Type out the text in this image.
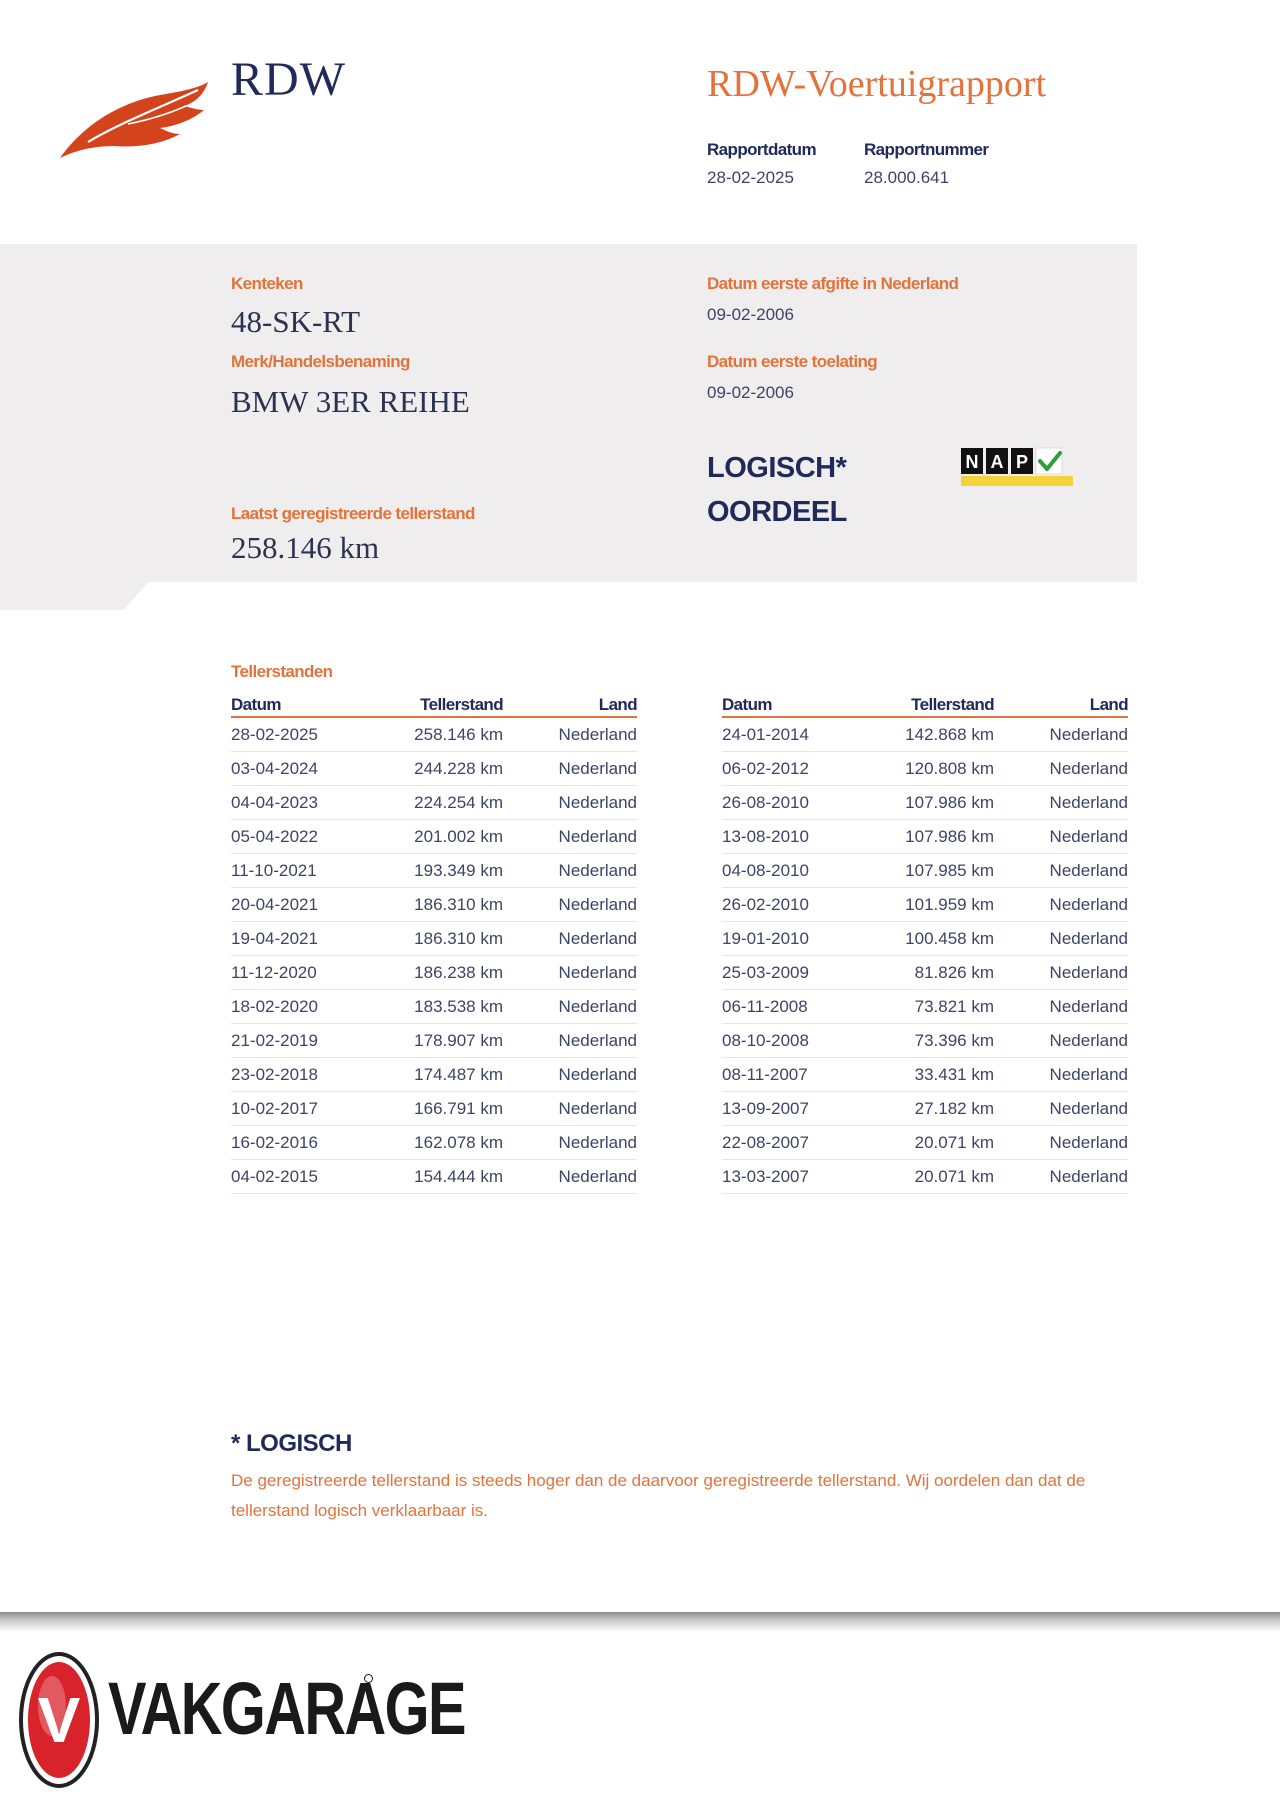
RDW	RDW-Voertuigrapport
Rapportdatum
28-02-2025
Rapportnummer
28.000.641
Kenteken
48-SK-RT
Merk/Handelsbenaming
BMW 3ER REIHE
Datum eerste afgifte in Nederland
09-02-2006
Datum eerste toelating
09-02-2006
LOGISCH*
OORDEEL
N A P
Laatst geregistreerde tellerstand
258.146 km
Tellerstanden
Datum	Tellerstand	Land
28-02-2025	258.146 km	Nederland
03-04-2024	244.228 km	Nederland
04-04-2023	224.254 km	Nederland
05-04-2022	201.002 km	Nederland
11-10-2021	193.349 km	Nederland
20-04-2021	186.310 km	Nederland
19-04-2021	186.310 km	Nederland
11-12-2020	186.238 km	Nederland
18-02-2020	183.538 km	Nederland
21-02-2019	178.907 km	Nederland
23-02-2018	174.487 km	Nederland
10-02-2017	166.791 km	Nederland
16-02-2016	162.078 km	Nederland
04-02-2015	154.444 km	Nederland
Datum	Tellerstand	Land
24-01-2014	142.868 km	Nederland
06-02-2012	120.808 km	Nederland
26-08-2010	107.986 km	Nederland
13-08-2010	107.986 km	Nederland
04-08-2010	107.985 km	Nederland
26-02-2010	101.959 km	Nederland
19-01-2010	100.458 km	Nederland
25-03-2009	81.826 km	Nederland
06-11-2008	73.821 km	Nederland
08-10-2008	73.396 km	Nederland
08-11-2007	33.431 km	Nederland
13-09-2007	27.182 km	Nederland
22-08-2007	20.071 km	Nederland
13-03-2007	20.071 km	Nederland
* LOGISCH
De geregistreerde tellerstand is steeds hoger dan de daarvoor geregistreerde tellerstand. Wij oordelen dan dat de tellerstand logisch verklaarbaar is.
V VAKGARAGE
